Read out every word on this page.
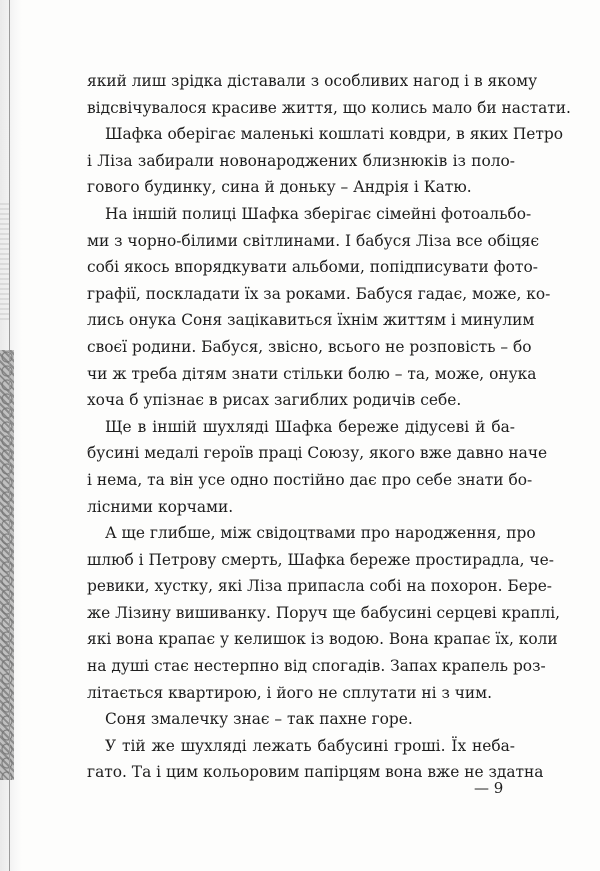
який лиш зрідка діставали з особливих нагод і в якому
відсвічувалося красиве життя, що колись мало би настати.
Шафка оберігає маленькі кошлаті ковдри, в яких Петро
і Ліза забирали новонароджених близнюків із поло-
гового будинку, сина й доньку – Андрія і Катю.
На іншій полиці Шафка зберігає сімейні фотоальбо-
ми з чорно-білими світлинами. І бабуся Ліза все обіцяє
собі якось впорядкувати альбоми, попідписувати фото-
графії, поскладати їх за роками. Бабуся гадає, може, ко-
лись онука Соня зацікавиться їхнім життям і минулим
своєї родини. Бабуся, звісно, всього не розповість – бо
чи ж треба дітям знати стільки болю – та, може, онука
хоча б упізнає в рисах загиблих родичів себе.
Ще в іншій шухляді Шафка береже дідусеві й ба-
бусині медалі героїв праці Союзу, якого вже давно наче
і нема, та він усе одно постійно дає про себе знати бо-
лісними корчами.
А ще глибше, між свідоцтвами про народження, про
шлюб і Петрову смерть, Шафка береже простирадла, че-
ревики, хустку, які Ліза припасла собі на похорон. Бере-
же Лізину вишиванку. Поруч ще бабусині серцеві краплі,
які вона крапає у келишок із водою. Вона крапає їх, коли
на душі стає нестерпно від спогадів. Запах крапель роз-
літається квартирою, і його не сплутати ні з чим.
Соня змалечку знає – так пахне горе.
У тій же шухляді лежать бабусині гроші. Їх неба-
гато. Та і цим кольоровим папірцям вона вже не здатна
— 9
